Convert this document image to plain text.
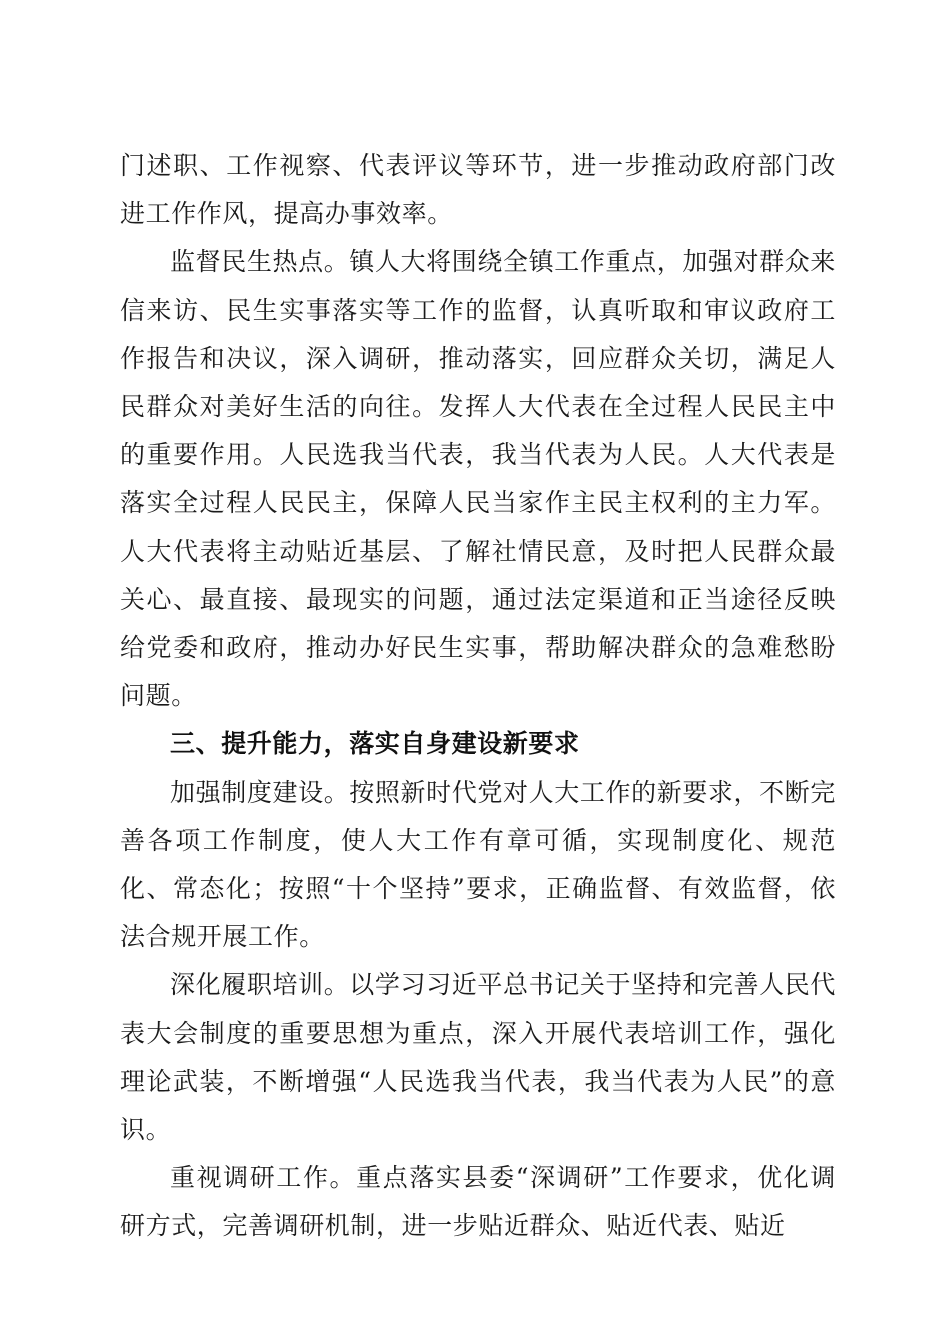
门述职、工作视察、代表评议等环节，进一步推动政府部门改进工作作风，提高办事效率。

监督民生热点。镇人大将围绕全镇工作重点，加强对群众来信来访、民生实事落实等工作的监督，认真听取和审议政府工作报告和决议，深入调研，推动落实，回应群众关切，满足人民群众对美好生活的向往。发挥人大代表在全过程人民民主中的重要作用。人民选我当代表，我当代表为人民。人大代表是落实全过程人民民主，保障人民当家作主民主权利的主力军。人大代表将主动贴近基层、了解社情民意，及时把人民群众最关心、最直接、最现实的问题，通过法定渠道和正当途径反映给党委和政府，推动办好民生实事，帮助解决群众的急难愁盼问题。

三、提升能力，落实自身建设新要求

加强制度建设。按照新时代党对人大工作的新要求，不断完善各项工作制度，使人大工作有章可循，实现制度化、规范化、常态化；按照“十个坚持”要求，正确监督、有效监督，依法合规开展工作。

深化履职培训。以学习习近平总书记关于坚持和完善人民代表大会制度的重要思想为重点，深入开展代表培训工作，强化理论武装，不断增强“人民选我当代表，我当代表为人民”的意识。

重视调研工作。重点落实县委“深调研”工作要求，优化调研方式，完善调研机制，进一步贴近群众、贴近代表、贴近
